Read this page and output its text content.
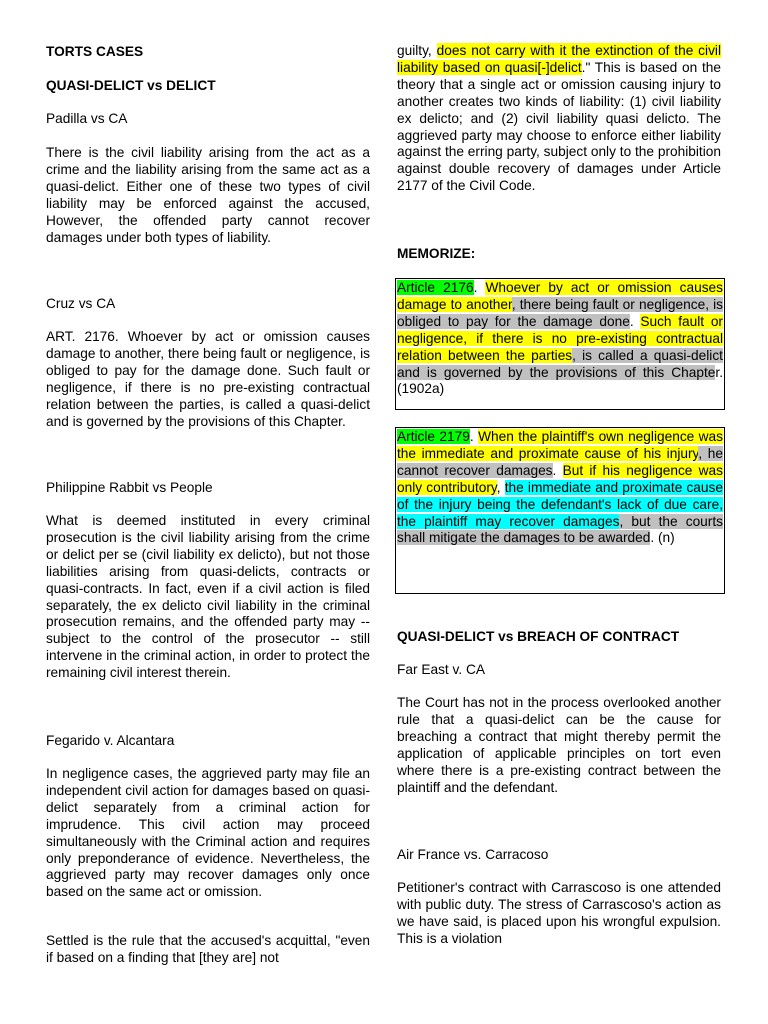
TORTS CASES

QUASI-DELICT vs DELICT

Padilla vs CA

There is the civil liability arising from the act as a crime and the liability arising from the same act as a quasi-delict. Either one of these two types of civil liability may be enforced against the accused, However, the offended party cannot recover damages under both types of liability.

Cruz vs CA

ART. 2176. Whoever by act or omission causes damage to another, there being fault or negligence, is obliged to pay for the damage done. Such fault or negligence, if there is no pre-existing contractual relation between the parties, is called a quasi-delict and is governed by the provisions of this Chapter.

Philippine Rabbit vs People

What is deemed instituted in every criminal prosecution is the civil liability arising from the crime or delict per se (civil liability ex delicto), but not those liabilities arising from quasi-delicts, contracts or quasi-contracts. In fact, even if a civil action is filed separately, the ex delicto civil liability in the criminal prosecution remains, and the offended party may -- subject to the control of the prosecutor -- still intervene in the criminal action, in order to protect the remaining civil interest therein.

Fegarido v. Alcantara

In negligence cases, the aggrieved party may file an independent civil action for damages based on quasi-delict separately from a criminal action for imprudence. This civil action may proceed simultaneously with the Criminal action and requires only preponderance of evidence. Nevertheless, the aggrieved party may recover damages only once based on the same act or omission.

Settled is the rule that the accused's acquittal, "even if based on a finding that [they are] not

guilty, does not carry with it the extinction of the civil liability based on quasi[-]delict." This is based on the theory that a single act or omission causing injury to another creates two kinds of liability: (1) civil liability ex delicto; and (2) civil liability quasi delicto. The aggrieved party may choose to enforce either liability against the erring party, subject only to the prohibition against double recovery of damages under Article 2177 of the Civil Code.

MEMORIZE:

Article 2176. Whoever by act or omission causes damage to another, there being fault or negligence, is obliged to pay for the damage done. Such fault or negligence, if there is no pre-existing contractual relation between the parties, is called a quasi-delict and is governed by the provisions of this Chapter. (1902a)

Article 2179. When the plaintiff's own negligence was the immediate and proximate cause of his injury, he cannot recover damages. But if his negligence was only contributory, the immediate and proximate cause of the injury being the defendant's lack of due care, the plaintiff may recover damages, but the courts shall mitigate the damages to be awarded. (n)

QUASI-DELICT vs BREACH OF CONTRACT

Far East v. CA

The Court has not in the process overlooked another rule that a quasi-delict can be the cause for breaching a contract that might thereby permit the application of applicable principles on tort even where there is a pre-existing contract between the plaintiff and the defendant.

Air France vs. Carracoso

Petitioner's contract with Carrascoso is one attended with public duty. The stress of Carrascoso's action as we have said, is placed upon his wrongful expulsion. This is a violation
